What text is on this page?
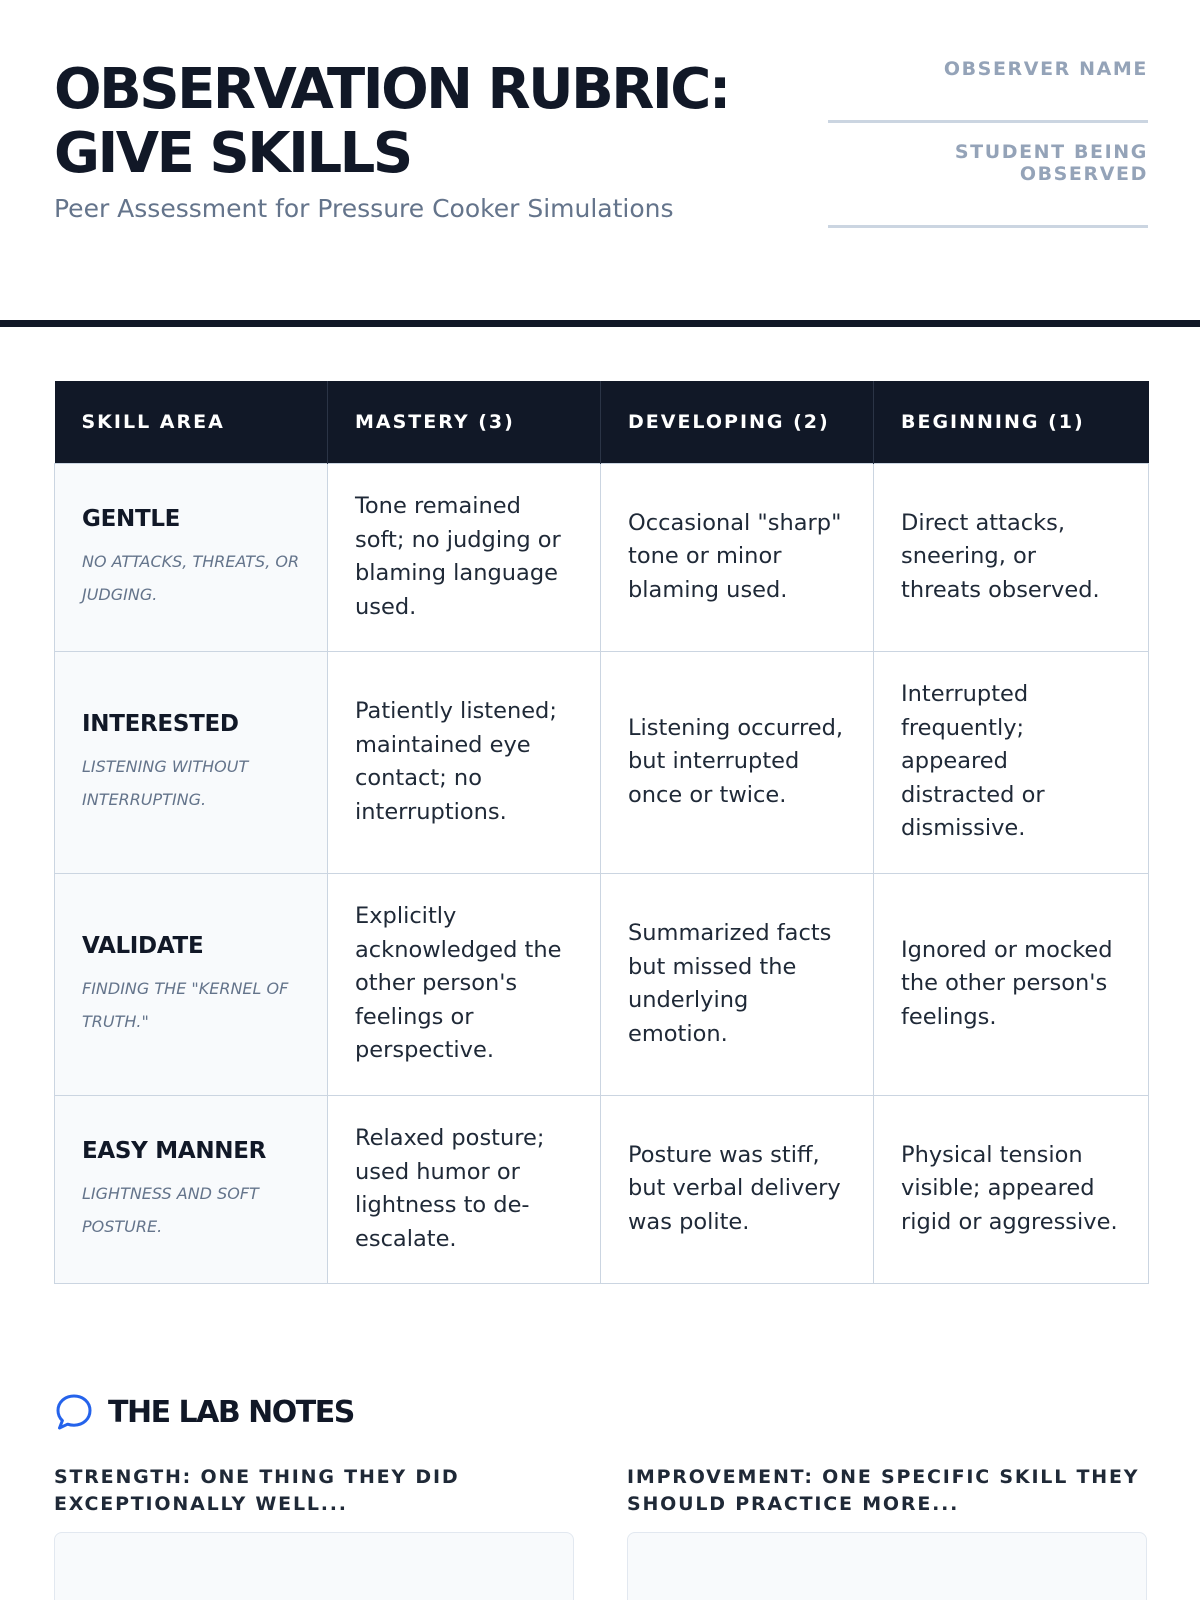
OBSERVATION RUBRIC: GIVE SKILLS
Peer Assessment for Pressure Cooker Simulations
OBSERVER NAME
STUDENT BEING OBSERVED
SKILL AREA	MASTERY (3)	DEVELOPING (2)	BEGINNING (1)

GENTLE
NO ATTACKS, THREATS, OR JUDGING.	Tone remained soft; no judging or blaming language used.	Occasional "sharp" tone or minor blaming used.	Direct attacks, sneering, or threats observed.

INTERESTED
LISTENING WITHOUT INTERRUPTING.	Patiently listened; maintained eye contact; no interruptions.	Listening occurred, but interrupted once or twice.	Interrupted frequently; appeared distracted or dismissive.

VALIDATE
FINDING THE "KERNEL OF TRUTH."	Explicitly acknowledged the other person's feelings or perspective.	Summarized facts but missed the underlying emotion.	Ignored or mocked the other person's feelings.

EASY MANNER
LIGHTNESS AND SOFT POSTURE.	Relaxed posture; used humor or lightness to de-escalate.	Posture was stiff, but verbal delivery was polite.	Physical tension visible; appeared rigid or aggressive.
THE LAB NOTES
STRENGTH: ONE THING THEY DID EXCEPTIONALLY WELL...
IMPROVEMENT: ONE SPECIFIC SKILL THEY SHOULD PRACTICE MORE...
